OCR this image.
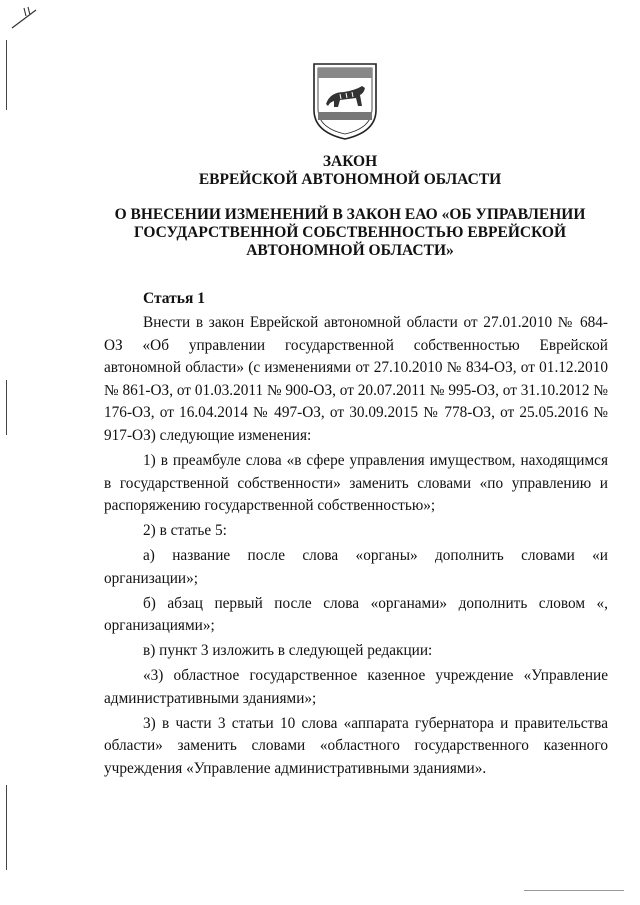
ЗАКОН
ЕВРЕЙСКОЙ АВТОНОМНОЙ ОБЛАСТИ
О ВНЕСЕНИИ ИЗМЕНЕНИЙ В ЗАКОН ЕАО «ОБ УПРАВЛЕНИИ
ГОСУДАРСТВЕННОЙ СОБСТВЕННОСТЬЮ ЕВРЕЙСКОЙ
АВТОНОМНОЙ ОБЛАСТИ»
Статья 1

Внести в закон Еврейской автономной области от 27.01.2010 № 684-ОЗ «Об управлении государственной собственностью Еврейской автономной области» (с изменениями от 27.10.2010 № 834-ОЗ, от 01.12.2010 № 861-ОЗ, от 01.03.2011 № 900-ОЗ, от 20.07.2011 № 995-ОЗ, от 31.10.2012 № 176-ОЗ, от 16.04.2014 № 497-ОЗ, от 30.09.2015 № 778-ОЗ, от 25.05.2016 № 917-ОЗ) следующие изменения:

1) в преамбуле слова «в сфере управления имуществом, находящимся в государственной собственности» заменить словами «по управлению и распоряжению государственной собственностью»;

2) в статье 5:

а) название после слова «органы» дополнить словами «и организации»;

б) абзац первый после слова «органами» дополнить словом «, организациями»;

в) пункт 3 изложить в следующей редакции:

«3) областное государственное казенное учреждение «Управление административными зданиями»;

3) в части 3 статьи 10 слова «аппарата губернатора и правительства области» заменить словами «областного государственного казенного учреждения «Управление административными зданиями».
